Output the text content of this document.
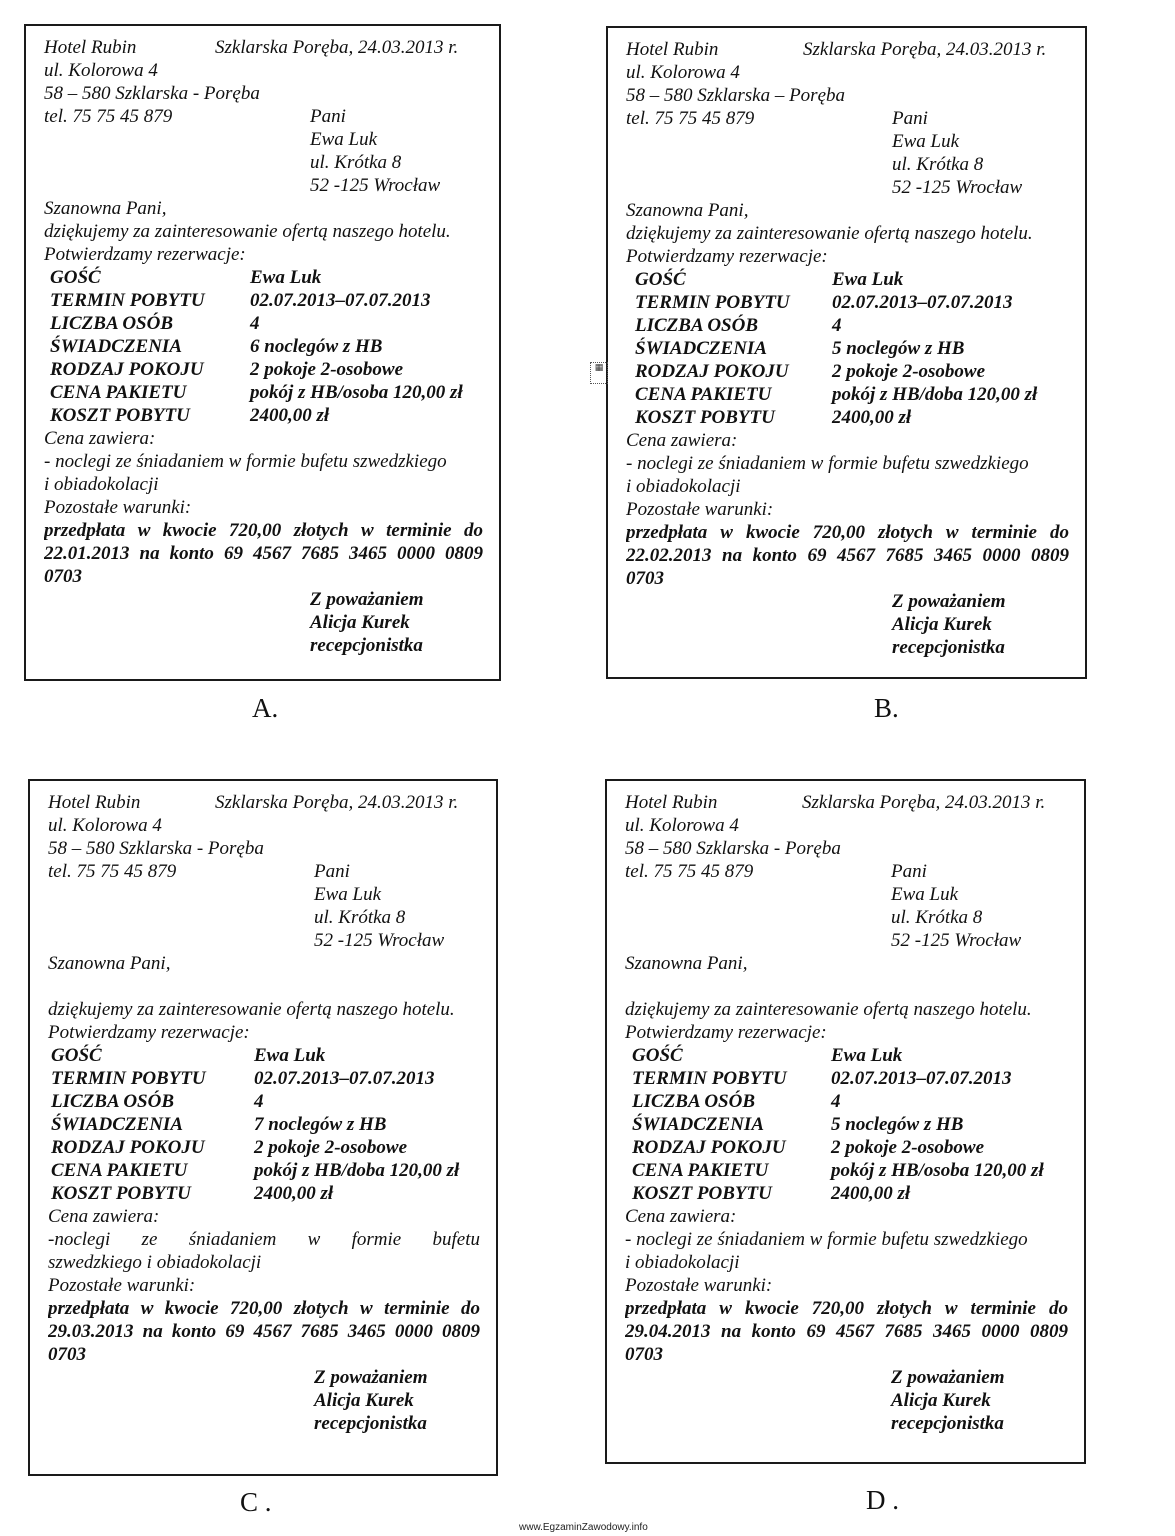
Hotel Rubin	Szklarska Poręba, 24.03.2013 r.
ul. Kolorowa 4
58 – 580 Szklarska - Poręba
tel. 75 75 45 879	Pani
Ewa Luk
ul. Krótka 8
52 -125 Wrocław
Szanowna Pani,
dziękujemy za zainteresowanie ofertą naszego hotelu.
Potwierdzamy rezerwacje:
GOŚĆ	Ewa Luk
TERMIN POBYTU 02.07.2013–07.07.2013
LICZBA OSÓB	4
ŚWIADCZENIA	6 noclegów z HB
RODZAJ POKOJU 2 pokoje 2-osobowe
CENA PAKIETU	pokój z HB/osoba 120,00 zł
KOSZT POBYTU	2400,00 zł
Cena zawiera:
- noclegi ze śniadaniem w formie bufetu szwedzkiego
i obiadokolacji
Pozostałe warunki:
przedpłata w kwocie 720,00 złotych w terminie do
22.01.2013 na konto 69 4567 7685 3465 0000 0809
0703
Z poważaniem
Alicja Kurek
recepcjonistka
Hotel Rubin	Szklarska Poręba, 24.03.2013 r.
ul. Kolorowa 4
58 – 580 Szklarska – Poręba
tel. 75 75 45 879	Pani
Ewa Luk
ul. Krótka 8
52 -125 Wrocław
Szanowna Pani,
dziękujemy za zainteresowanie ofertą naszego hotelu.
Potwierdzamy rezerwacje:
GOŚĆ	Ewa Luk
TERMIN POBYTU 02.07.2013–07.07.2013
LICZBA OSÓB	4
ŚWIADCZENIA	5 noclegów z HB
RODZAJ POKOJU 2 pokoje 2-osobowe
CENA PAKIETU	pokój z HB/doba 120,00 zł
KOSZT POBYTU	2400,00 zł
Cena zawiera:
- noclegi ze śniadaniem w formie bufetu szwedzkiego
i obiadokolacji
Pozostałe warunki:
przedpłata w kwocie 720,00 złotych w terminie do
22.02.2013 na konto 69 4567 7685 3465 0000 0809
0703
Z poważaniem
Alicja Kurek
recepcjonistka
Hotel Rubin	Szklarska Poręba, 24.03.2013 r.
ul. Kolorowa 4
58 – 580 Szklarska - Poręba
tel. 75 75 45 879	Pani
Ewa Luk
ul. Krótka 8
52 -125 Wrocław
Szanowna Pani,
dziękujemy za zainteresowanie ofertą naszego hotelu.
Potwierdzamy rezerwacje:
GOŚĆ	Ewa Luk
TERMIN POBYTU	02.07.2013–07.07.2013
LICZBA OSÓB	4
ŚWIADCZENIA	7 noclegów z HB
RODZAJ POKOJU	2 pokoje 2-osobowe
CENA PAKIETU	pokój z HB/doba 120,00 zł
KOSZT POBYTU	2400,00 zł
Cena zawiera:
-noclegi ze śniadaniem w formie bufetu
szwedzkiego i obiadokolacji
Pozostałe warunki:
przedpłata w kwocie 720,00 złotych w terminie do
29.03.2013 na konto 69 4567 7685 3465 0000 0809
0703
Z poważaniem
Alicja Kurek
recepcjonistka
Hotel Rubin	Szklarska Poręba, 24.03.2013 r.
ul. Kolorowa 4
58 – 580 Szklarska - Poręba
tel. 75 75 45 879	Pani
Ewa Luk
ul. Krótka 8
52 -125 Wrocław
Szanowna Pani,
dziękujemy za zainteresowanie ofertą naszego hotelu.
Potwierdzamy rezerwacje:
GOŚĆ	Ewa Luk
TERMIN POBYTU 02.07.2013–07.07.2013
LICZBA OSÓB	4
ŚWIADCZENIA	5 noclegów z HB
RODZAJ POKOJU 2 pokoje 2-osobowe
CENA PAKIETU	pokój z HB/osoba 120,00 zł
KOSZT POBYTU	2400,00 zł
Cena zawiera:
- noclegi ze śniadaniem w formie bufetu szwedzkiego
i obiadokolacji
Pozostałe warunki:
przedpłata w kwocie 720,00 złotych w terminie do
29.04.2013 na konto 69 4567 7685 3465 0000 0809
0703
Z poważaniem
Alicja Kurek
recepcjonistka
▦
A.	B.
C .	D .
www.EgzaminZawodowy.info
